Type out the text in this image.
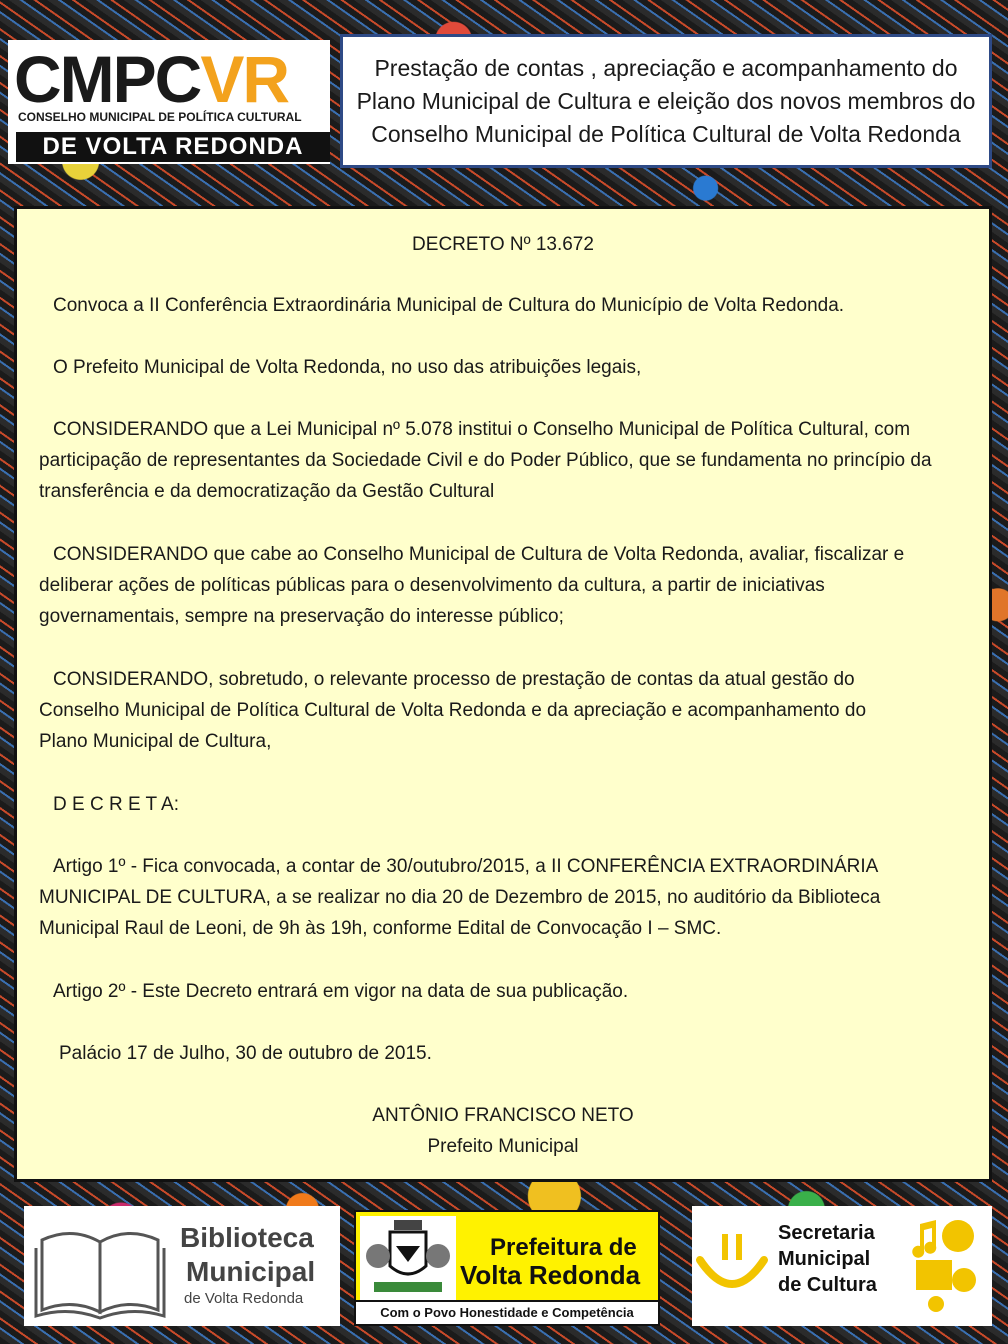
CMPCVR
CONSELHO MUNICIPAL DE POLÍTICA CULTURAL
DE VOLTA REDONDA
Prestação de contas , apreciação e acompanhamento do Plano Municipal de Cultura e eleição dos novos membros do Conselho Municipal de Política Cultural de Volta Redonda
DECRETO Nº 13.672

Convoca a II Conferência Extraordinária Municipal de Cultura do Município de Volta Redonda.

O Prefeito Municipal de Volta Redonda, no uso das atribuições legais,

CONSIDERANDO que a Lei Municipal nº 5.078 institui o Conselho Municipal de Política Cultural, com participação de representantes da Sociedade Civil e do Poder Público, que se fundamenta no princípio da transferência e da democratização da Gestão Cultural

CONSIDERANDO que cabe ao Conselho Municipal de Cultura de Volta Redonda, avaliar, fiscalizar e deliberar ações de políticas públicas para o desenvolvimento da cultura, a partir de iniciativas governamentais, sempre na preservação do interesse público;

CONSIDERANDO, sobretudo, o relevante processo de prestação de contas da atual gestão do Conselho Municipal de Política Cultural de Volta Redonda e da apreciação e acompanhamento do Plano Municipal de Cultura,

D E C R E T A:

Artigo 1º - Fica convocada, a contar de 30/outubro/2015, a II CONFERÊNCIA EXTRAORDINÁRIA MUNICIPAL DE CULTURA, a se realizar no dia 20 de Dezembro de 2015, no auditório da Biblioteca Municipal Raul de Leoni, de 9h às 19h, conforme Edital de Convocação I – SMC.

Artigo 2º - Este Decreto entrará em vigor na data de sua publicação.

Palácio 17 de Julho, 30 de outubro de 2015.

ANTÔNIO FRANCISCO NETO
Prefeito Municipal
Biblioteca
Municipal
de Volta Redonda
Prefeitura de
Volta Redonda
Com o Povo Honestidade e Competência
Secretaria
Municipal
de Cultura
